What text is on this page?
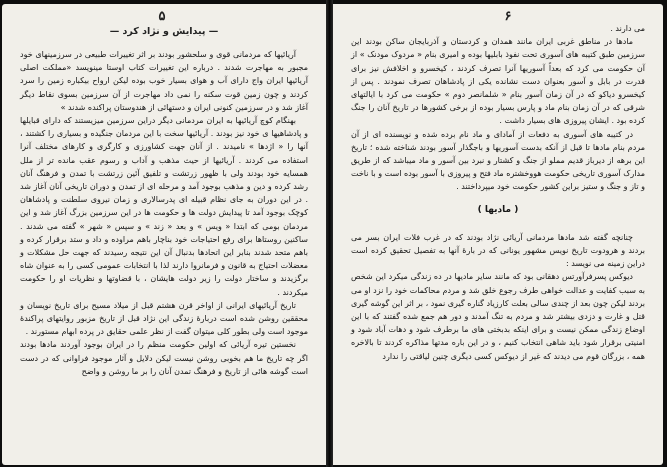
۵
— پیدایش و نژاد کرد —

آریائیها که مردمانی قوی و سلحشور بودند بر اثر تغییرات طبیعی در سرزمینهای خود مجبور به مهاجرت شدند . درباره این تغییرات کتاب اوستا مینویسد «مملکت اصلی آریائیها ایران واج دارای آب و هوای بسیار خوب بوده لیکن ارواح بیکباره زمین را سرد کردند و چون زمین قوت سکنه را نمی داد مهاجرت از آن سرزمین بسوی نقاط دیگر آغاز شد و در سرزمین کنونی ایران و دستهائی از هندوستان پراکنده شدند »

بهنگام کوچ آریائیها به ایران مردمانی دیگر دراین سرزمین میزیستند که دارای قبایلها و پادشاهیها ی خود نیز بودند . آریائیها سخت با این مردمان جنگیده و بسیاری را کشتند ، آنها را « اژدها » نامیدند . از آنان جهت کشاورزی و کارگری و کارهای مختلف آنرا استفاده می کردند . آریائیها از حیث مذهب و آداب و رسوم عقب مانده تر از ملل همسایه خود بودند ولی با ظهور زرتشت و تلفیق آئین زرتشت با تمدن و فرهنگ آنان رشد کرده و دین و مذهب بوجود آمد و مرحله ای از تمدن و دوران تاریخی آنان آغاز شد . در این دوران به جای نظام قبیله ای پدرسالاری و زمان نیروی سلطنت و پادشاهان کوچک بوجود آمد تا پیدایش دولت ها و حکومت ها در این سرزمین بزرگ آغاز شد و این مردمان بومی که ابتدا « ویس » و بعد « زند » و سپس « شهر » گفته می شدند . ساکنین روستاها برای رفع احتیاجات خود بناچار باهم مراوده و داد و ستد برقرار کرده و باهم متحد شدند بنابر این اتحادها بدنبال آن این نتیجه رسیدند که جهت حل مشکلات و معضلات احتیاج به قانون و فرمانروا دارند لذا با انتخابات عمومی کسی را به عنوان شاه برگزیدند و ساختار دولت را زیر دولت هایشان ، با قضاوتها و نظریات او را حکومت میکردند .

تاریخ آریائیهای ایرانی از اواخر قرن هشتم قبل از میلاد مسیح برای تاریخ نویسان و محققین روشن شده است دربارۀ زندگی این نژاد قبل از تاریخ مزبور روایتهای پراکندۀ موجود است ولی بطور کلی میتوان گفت از نظر علمی حقایق در پرده ابهام مستورند .

نخستین تیره آریائی که اولین حکومت منظم را در ایران بوجود آوردند مادها بودند اگر چه تاریخ ما هم بخوبی روشن نیست لیکن دلایل و آثار موجود فراوانی که در دست است گوشه هائی از تاریخ و فرهنگ تمدن آنان را بر ما روشن و واضح

۶

می دارند .

مادها در مناطق غربی ایران مانند همدان و کردستان و آذربایجان ساکن بودند این سرزمین طبق کتیبه های آسوری تحت نفوذ بابلیها بوده و امیری بنام « مردوک مودنک » از آن حکومت می کرد که بعداً آسوریها آنرا تصرف کردند ، کیخسرو و اخلافش نیز برای قدرت در بابل و آسور بعنوان دست نشانده یکی از پادشاهان تصرف نمودند . پس از کیخسرو دیاکو که در آن زمان آسور بنام « شلمانصر دوم » حکومت می کرد با ایالتهای شرقی که در آن زمان بنام ماد و پارس بسیار بوده از برخی کشورها در تاریخ آنان را جنگ کرده بود . ایشان پیروزی های بسیار داشت .

در کتیبه های آسوری به دفعات از آمادای و ماد نام برده شده و نویسنده ای از آن مردم بنام مادها تا قبل از آنکه بدست آسوریها و باجگذار آسور بودند شناخته شده ؛ تاریخ این برهه از دیرباز قدیم مملو از جنگ و کشتار و نبرد بین آسور و ماد میباشد که از طریق مدارک آسوری تاریخی حکومت هووخشتره ماد فتح و پیروزی با آسور بوده است و با ناخت و تاز و جنگ و ستیز براین کشور حکومت خود میپرداختند .

( مادیها )

چنانچه گفته شد مادها مردمانی آریائی نژاد بودند که در غرب فلات ایران بسر می بردند و هرودوت تاریخ نویس مشهور یونانی که در بارهٔ آنها به تفصیل تحقیق کرده است دراین زمینه می نویسد :

دیوکس پسرفرآورتس دهقانی بود که مانند سایر مادیها در ده زندگی میکرد این شخص به سبب کفایت و عدالت خواهی طرف رجوع خلق شد و مردم محاکمات خود را نزد او می بردند لیکن چون بعد از چندی سالی بعلت کارزیاد گناره گیری نمود ، بر اثر این گوشه گیری قتل و غارت و دزدی بیشتر شد و مردم به تنگ آمدند و دور هم جمع شده گفتند که با این اوضاع زندگی ممکن نیست و برای اینکه بدبختی های ما برطرف شود و دهات آباد شود و امنیتی برقرار شود باید شاهی انتخاب کنیم ، و در این باره مدتها مذاکره کردند تا بالاخره همه ، بزرگان قوم می دیدند که غیر از دیوکس کسی دیگری چنین لیاقتی را ندارد
